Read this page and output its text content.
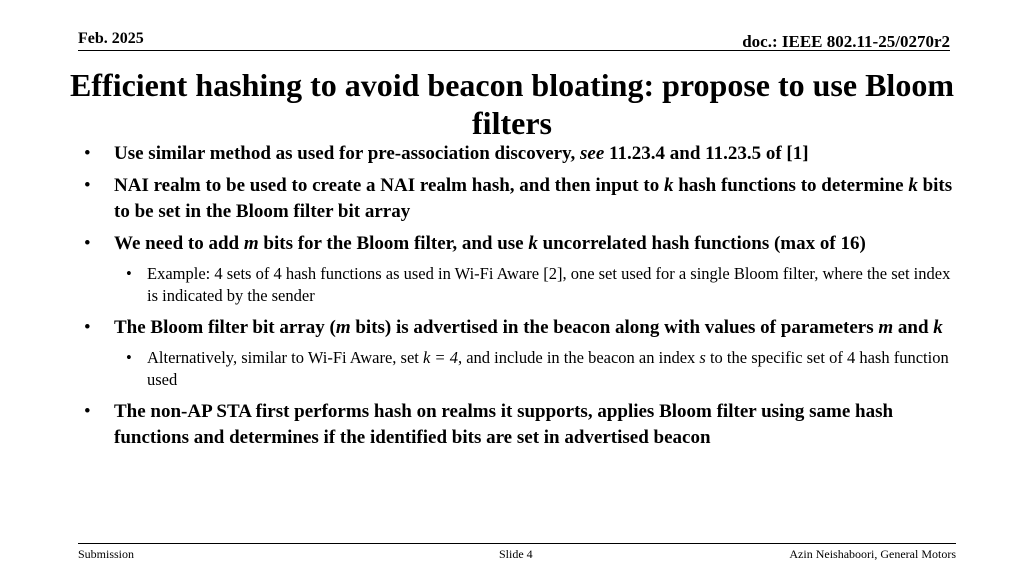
Feb. 2025	doc.: IEEE 802.11-25/0270r2
Efficient hashing to avoid beacon bloating: propose to use Bloom filters
• Use similar method as used for pre-association discovery, see 11.23.4 and 11.23.5 of [1]
• NAI realm to be used to create a NAI realm hash, and then input to k hash functions to determine k bits to be set in the Bloom filter bit array
• We need to add m bits for the Bloom filter, and use k uncorrelated hash functions (max of 16)
• Example: 4 sets of 4 hash functions as used in Wi-Fi Aware [2], one set used for a single Bloom filter, where the set index is indicated by the sender
• The Bloom filter bit array (m bits) is advertised in the beacon along with values of parameters m and k
• Alternatively, similar to Wi-Fi Aware, set k = 4, and include in the beacon an index s to the specific set of 4 hash function used
• The non-AP STA first performs hash on realms it supports, applies Bloom filter using same hash functions and determines if the identified bits are set in advertised beacon
Submission	Slide 4	Azin Neishaboori, General Motors
